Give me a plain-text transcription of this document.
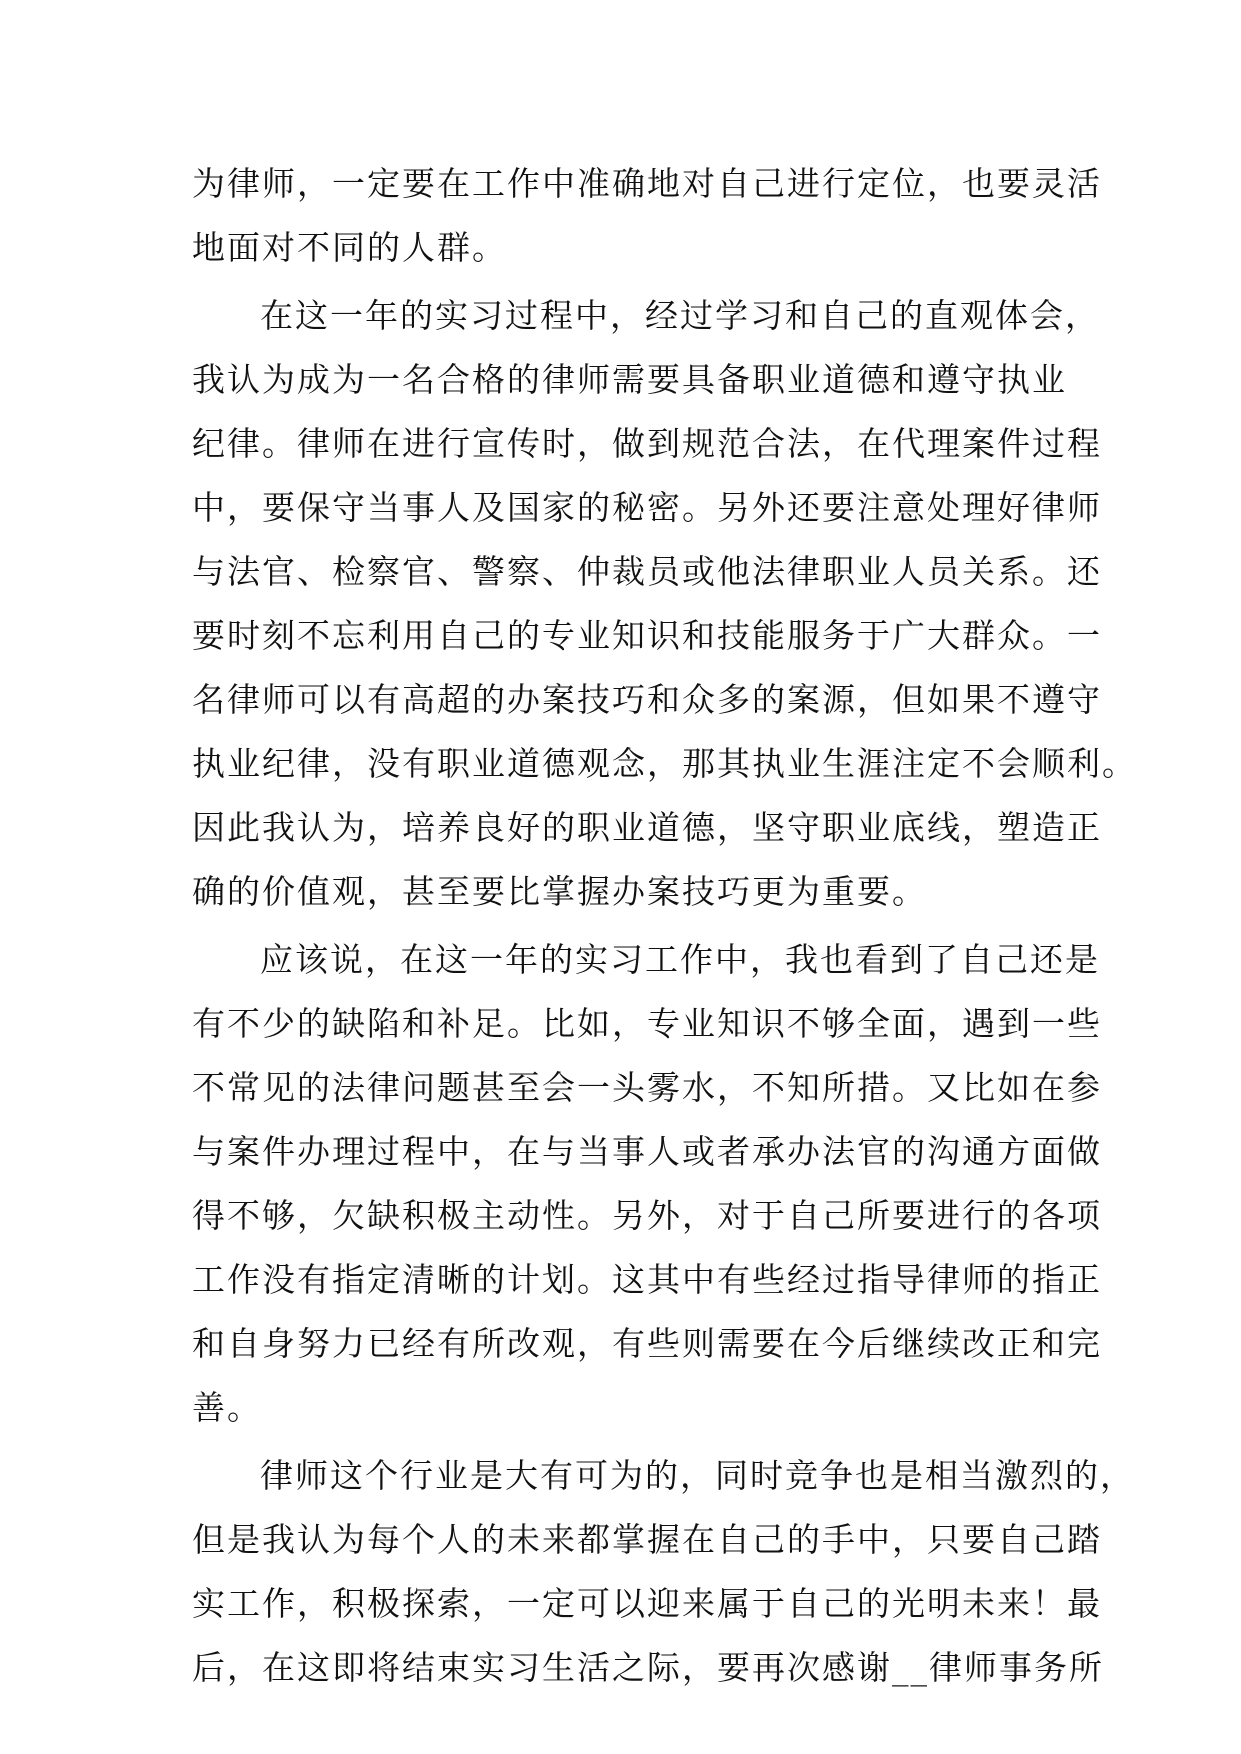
为律师，一定要在工作中准确地对自己进行定位，也要灵活
地面对不同的人群。
在这一年的实习过程中，经过学习和自己的直观体会，
我认为成为一名合格的律师需要具备职业道德和遵守执业
纪律。律师在进行宣传时，做到规范合法，在代理案件过程
中，要保守当事人及国家的秘密。另外还要注意处理好律师
与法官、检察官、警察、仲裁员或他法律职业人员关系。还
要时刻不忘利用自己的专业知识和技能服务于广大群众。一
名律师可以有高超的办案技巧和众多的案源，但如果不遵守
执业纪律，没有职业道德观念，那其执业生涯注定不会顺利。
因此我认为，培养良好的职业道德，坚守职业底线，塑造正
确的价值观，甚至要比掌握办案技巧更为重要。
应该说，在这一年的实习工作中，我也看到了自己还是
有不少的缺陷和补足。比如，专业知识不够全面，遇到一些
不常见的法律问题甚至会一头雾水，不知所措。又比如在参
与案件办理过程中，在与当事人或者承办法官的沟通方面做
得不够，欠缺积极主动性。另外，对于自己所要进行的各项
工作没有指定清晰的计划。这其中有些经过指导律师的指正
和自身努力已经有所改观，有些则需要在今后继续改正和完
善。
律师这个行业是大有可为的，同时竞争也是相当激烈的，
但是我认为每个人的未来都掌握在自己的手中，只要自己踏
实工作，积极探索，一定可以迎来属于自己的光明未来！最
后，在这即将结束实习生活之际，要再次感谢__律师事务所
